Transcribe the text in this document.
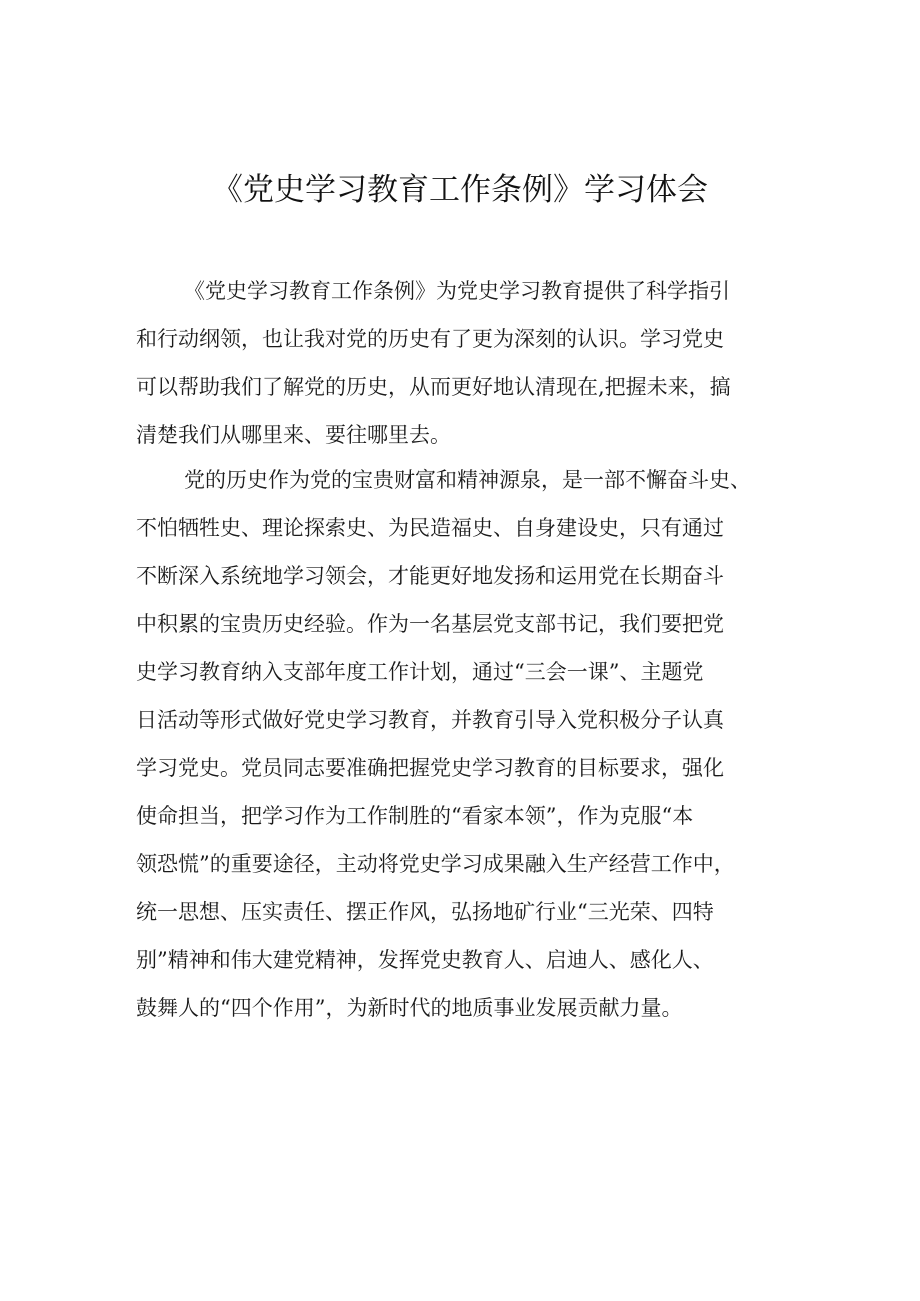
《党史学习教育工作条例》学习体会
《党史学习教育工作条例》为党史学习教育提供了科学指引
和行动纲领，也让我对党的历史有了更为深刻的认识。学习党史
可以帮助我们了解党的历史，从而更好地认清现在,把握未来，搞
清楚我们从哪里来、要往哪里去。
党的历史作为党的宝贵财富和精神源泉，是一部不懈奋斗史、
不怕牺牲史、理论探索史、为民造福史、自身建设史，只有通过
不断深入系统地学习领会，才能更好地发扬和运用党在长期奋斗
中积累的宝贵历史经验。作为一名基层党支部书记，我们要把党
史学习教育纳入支部年度工作计划，通过“三会一课”、主题党
日活动等形式做好党史学习教育，并教育引导入党积极分子认真
学习党史。党员同志要准确把握党史学习教育的目标要求，强化
使命担当，把学习作为工作制胜的“看家本领”，作为克服“本
领恐慌”的重要途径，主动将党史学习成果融入生产经营工作中，
统一思想、压实责任、摆正作风，弘扬地矿行业“三光荣、四特
别”精神和伟大建党精神，发挥党史教育人、启迪人、感化人、
鼓舞人的“四个作用”，为新时代的地质事业发展贡献力量。
